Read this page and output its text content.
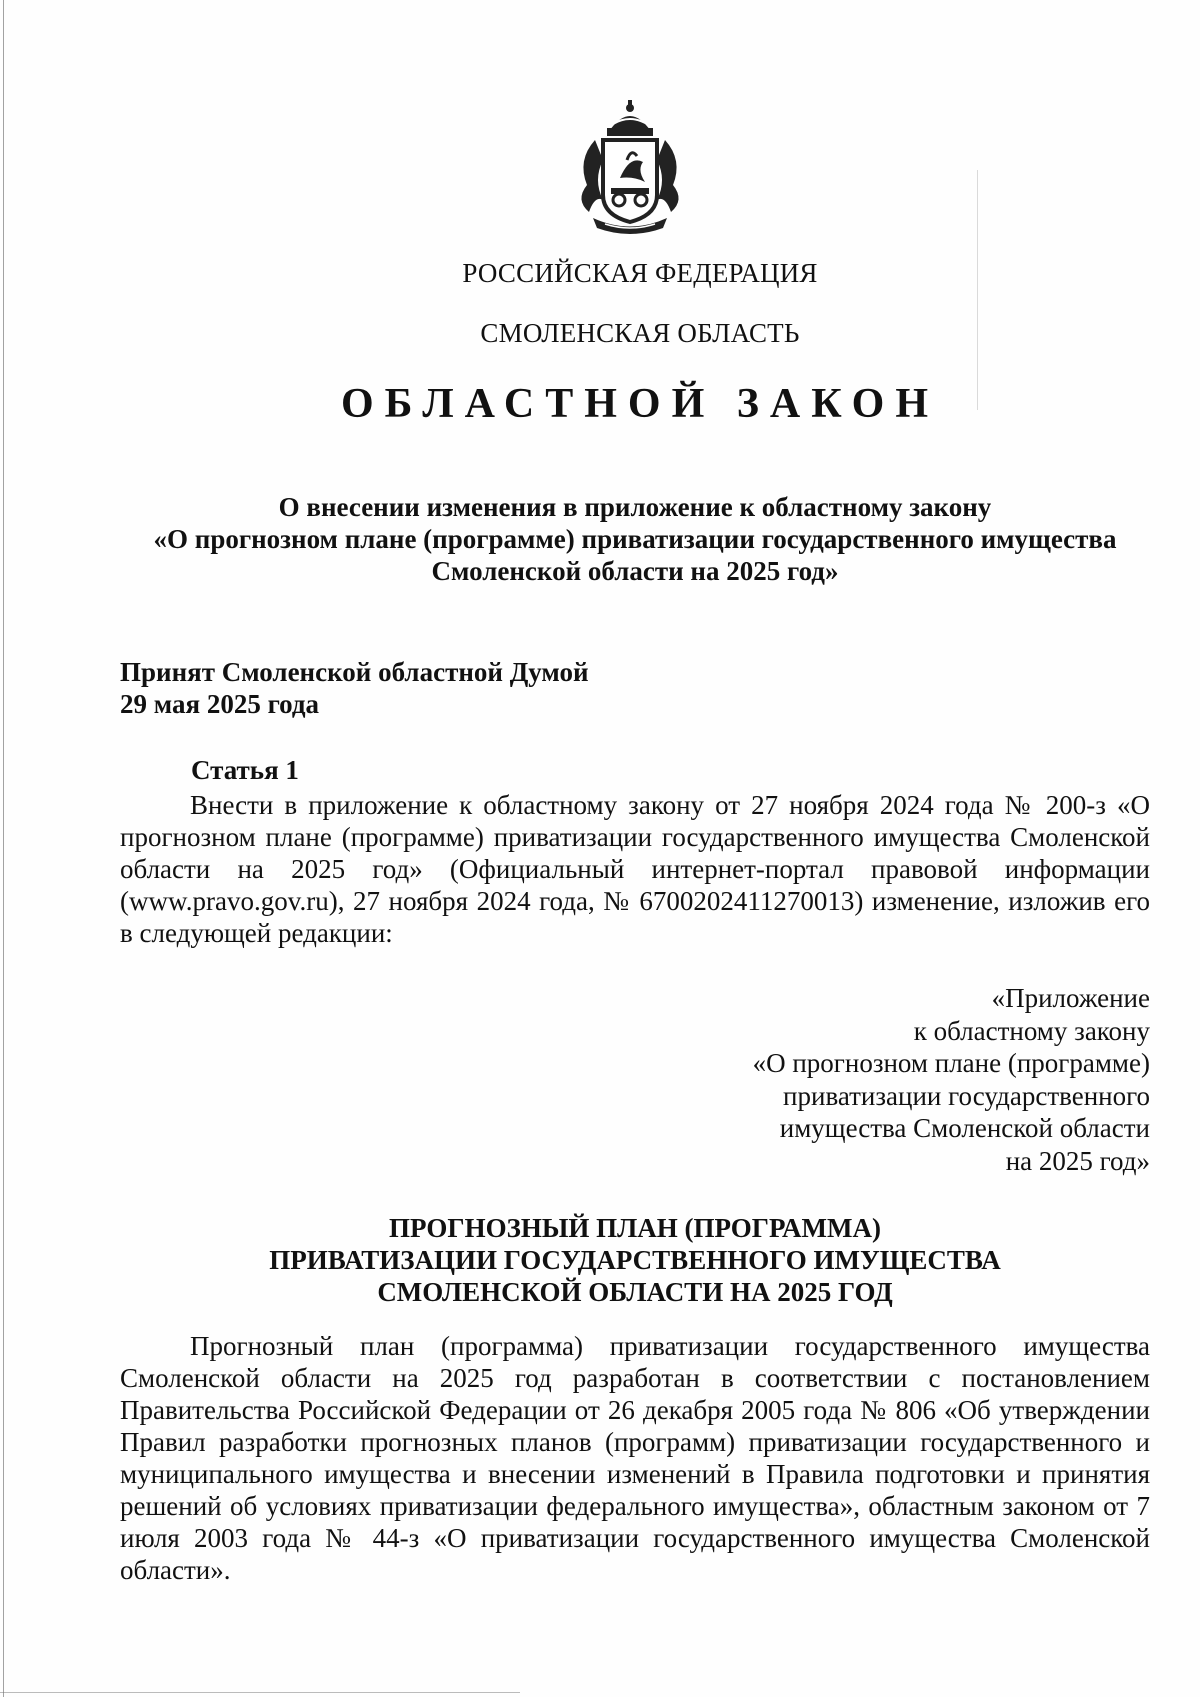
РОССИЙСКАЯ ФЕДЕРАЦИЯ
СМОЛЕНСКАЯ ОБЛАСТЬ
ОБЛАСТНОЙ ЗАКОН
О внесении изменения в приложение к областному закону
«О прогнозном плане (программе) приватизации государственного имущества
Смоленской области на 2025 год»
Принят Смоленской областной Думой
29 мая 2025 года
Статья 1
Внести в приложение к областному закону от 27 ноября 2024 года № 200-з «О прогнозном плане (программе) приватизации государственного имущества Смоленской области на 2025 год» (Официальный интернет-портал правовой информации (www.pravo.gov.ru), 27 ноября 2024 года, № 6700202411270013) изменение, изложив его в следующей редакции:
«Приложение
к областному закону
«О прогнозном плане (программе)
приватизации государственного
имущества Смоленской области
на 2025 год»
ПРОГНОЗНЫЙ ПЛАН (ПРОГРАММА)
ПРИВАТИЗАЦИИ ГОСУДАРСТВЕННОГО ИМУЩЕСТВА
СМОЛЕНСКОЙ ОБЛАСТИ НА 2025 ГОД
Прогнозный план (программа) приватизации государственного имущества Смоленской области на 2025 год разработан в соответствии с постановлением Правительства Российской Федерации от 26 декабря 2005 года № 806 «Об утверждении Правил разработки прогнозных планов (программ) приватизации государственного и муниципального имущества и внесении изменений в Правила подготовки и принятия решений об условиях приватизации федерального имущества», областным законом от 7 июля 2003 года № 44-з «О приватизации государственного имущества Смоленской области».
